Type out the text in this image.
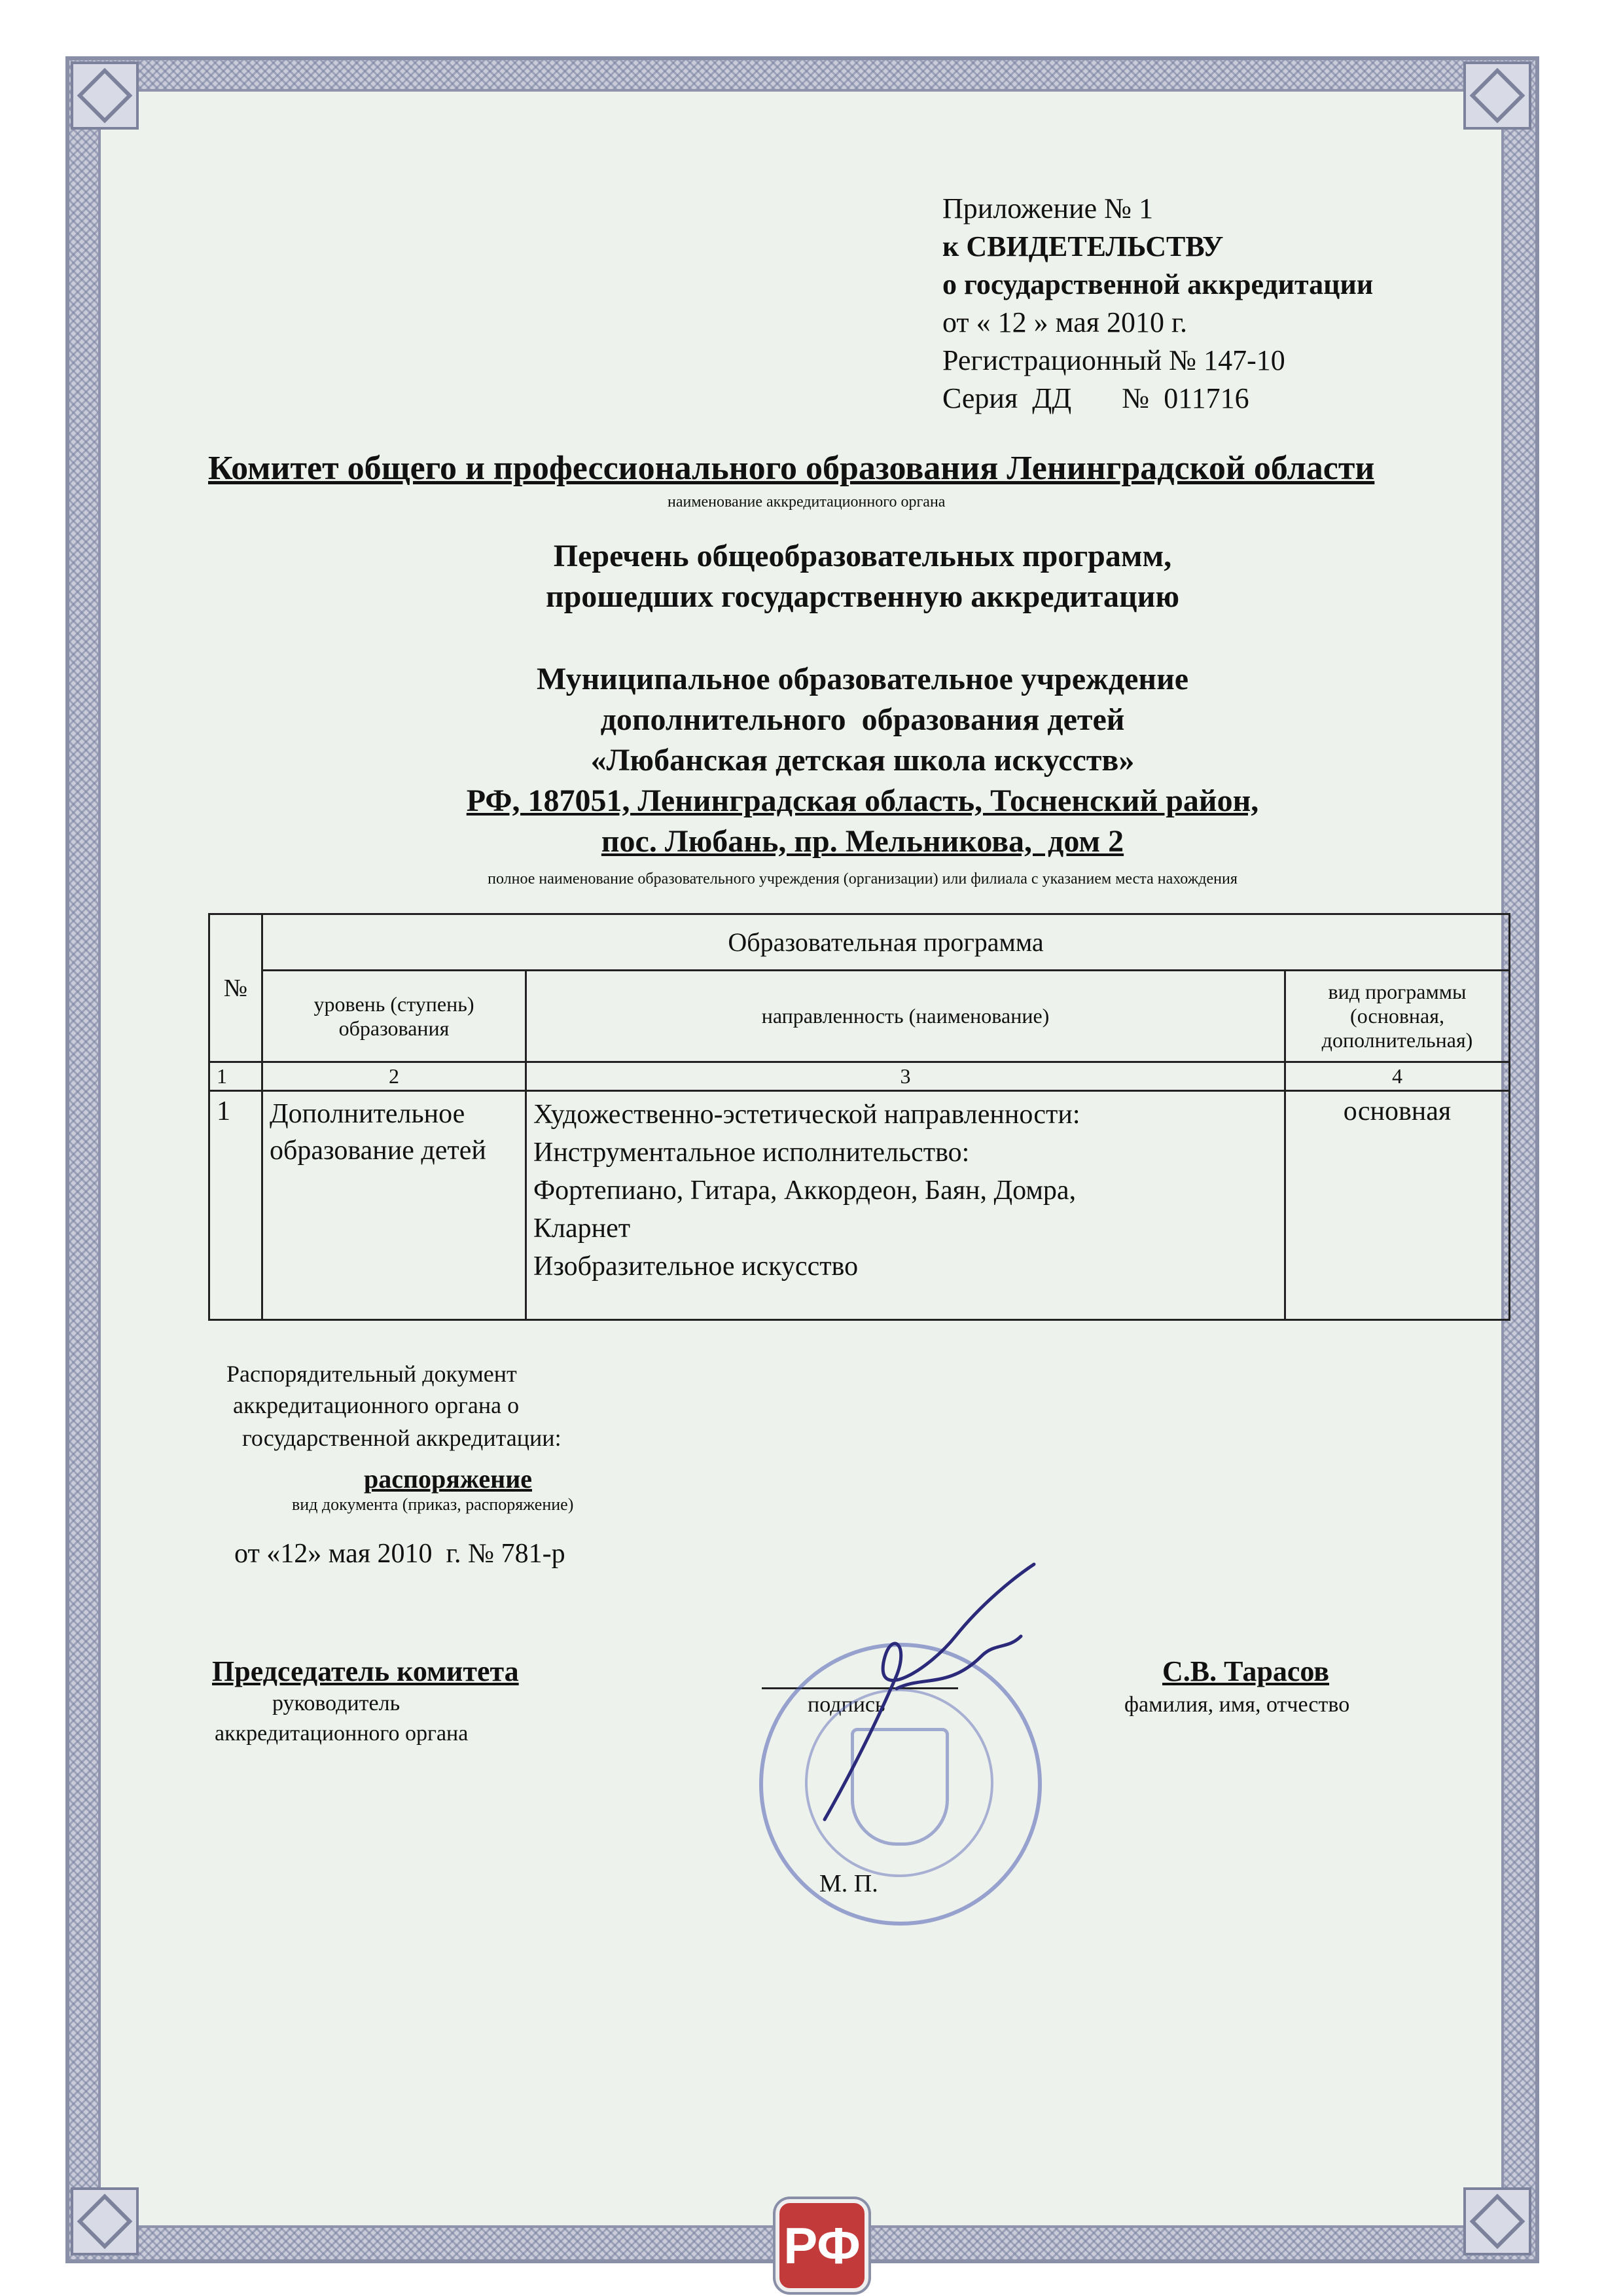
Приложение № 1
к СВИДЕТЕЛЬСТВУ
о государственной аккредитации
от « 12 » мая 2010 г.
Регистрационный № 147-10
Серия  ДД       №  011716
Комитет общего и профессионального образования Ленинградской области
наименование аккредитационного органа
Перечень общеобразовательных программ,
прошедших государственную аккредитацию
Муниципальное образовательное учреждение
дополнительного  образования детей
«Любанская детская школа искусств»
РФ, 187051, Ленинградская область, Тосненский район,
пос. Любань, пр. Мельникова,  дом 2
полное наименование образовательного учреждения (организации) или филиала с указанием места нахождения
№	Образовательная программа		
	уровень (ступень) образования	направленность (наименование)	вид программы (основная, дополнительная)
1	2	3	4
1	Дополнительное образование детей	Художественно-эстетической направленности:
Инструментальное исполнительство:
Фортепиано, Гитара, Аккордеон, Баян, Домра,
Кларнет
Изобразительное искусство	основная
Распорядительный документ
аккредитационного органа о
государственной аккредитации:
распоряжение
вид документа (приказ, распоряжение)
от «12» мая 2010  г. № 781-р
Председатель комитета
руководитель
аккредитационного органа
подпись
С.В. Тарасов
фамилия, имя, отчество
М. П.
РФ
